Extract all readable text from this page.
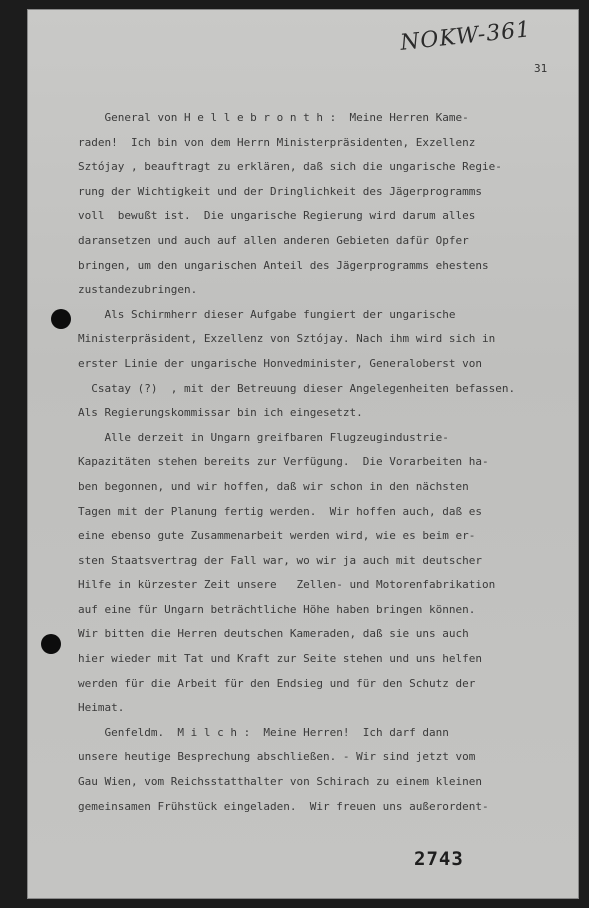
NOKW-361
31
General von H e l l e b r o n t h :  Meine Herren Kame-
raden!  Ich bin von dem Herrn Ministerpräsidenten, Exzellenz
Sztójay , beauftragt zu erklären, daß sich die ungarische Regie-
rung der Wichtigkeit und der Dringlichkeit des Jägerprogramms
voll  bewußt ist.  Die ungarische Regierung wird darum alles
daransetzen und auch auf allen anderen Gebieten dafür Opfer
bringen, um den ungarischen Anteil des Jägerprogramms ehestens
zustandezubringen.
Als Schirmherr dieser Aufgabe fungiert der ungarische
Ministerpräsident, Exzellenz von Sztójay. Nach ihm wird sich in
erster Linie der ungarische Honvedminister, Generaloberst von
Csatay (?)  , mit der Betreuung dieser Angelegenheiten befassen.
Als Regierungskommissar bin ich eingesetzt.
Alle derzeit in Ungarn greifbaren Flugzeugindustrie-
Kapazitäten stehen bereits zur Verfügung.  Die Vorarbeiten ha-
ben begonnen, und wir hoffen, daß wir schon in den nächsten
Tagen mit der Planung fertig werden.  Wir hoffen auch, daß es
eine ebenso gute Zusammenarbeit werden wird, wie es beim er-
sten Staatsvertrag der Fall war, wo wir ja auch mit deutscher
Hilfe in kürzester Zeit unsere   Zellen- und Motorenfabrikation
auf eine für Ungarn beträchtliche Höhe haben bringen können.
Wir bitten die Herren deutschen Kameraden, daß sie uns auch
hier wieder mit Tat und Kraft zur Seite stehen und uns helfen
werden für die Arbeit für den Endsieg und für den Schutz der
Heimat.
Genfeldm.  M i l c h :  Meine Herren!  Ich darf dann
unsere heutige Besprechung abschließen. - Wir sind jetzt vom
Gau Wien, vom Reichsstatthalter von Schirach zu einem kleinen
gemeinsamen Frühstück eingeladen.  Wir freuen uns außerordent-
2743
